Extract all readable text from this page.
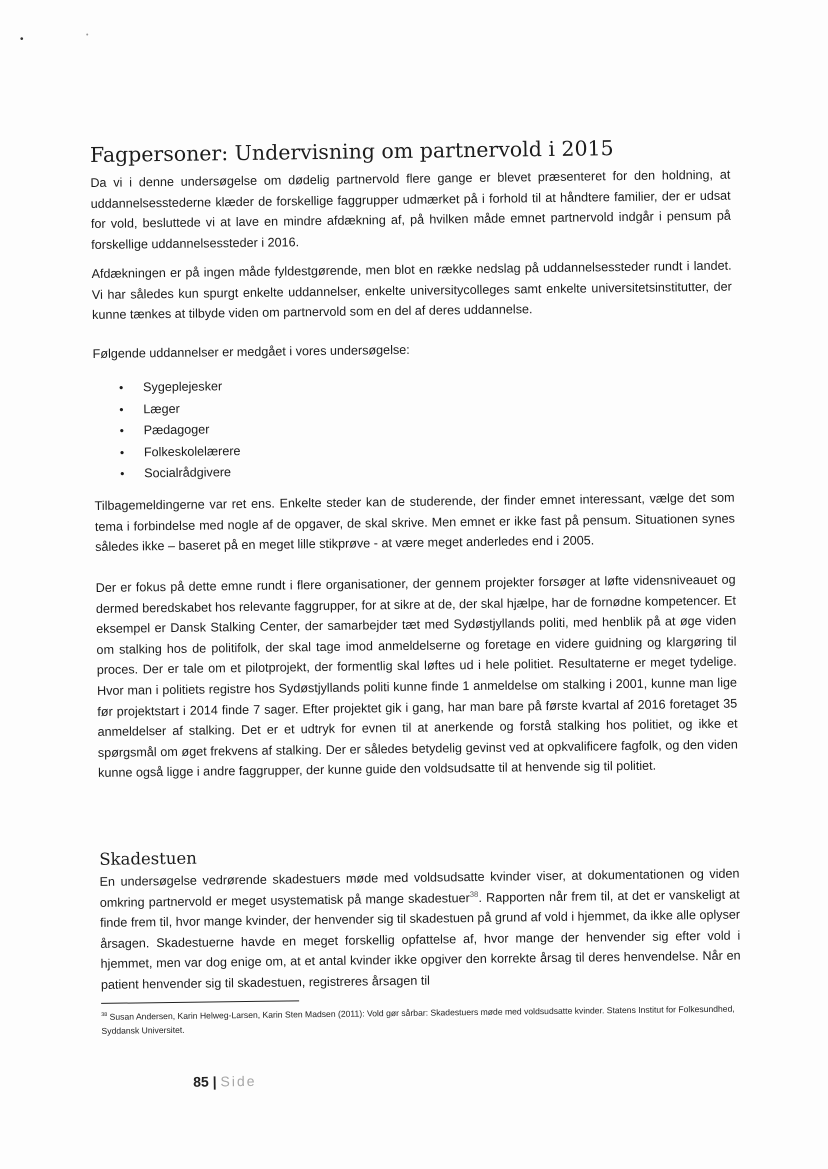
•	•
Fagpersoner: Undervisning om partnervold i 2015

Da vi i denne undersøgelse om dødelig partnervold flere gange er blevet præsenteret for den holdning, at uddannelsesstederne klæder de forskellige faggrupper udmærket på i forhold til at håndtere familier, der er udsat for vold, besluttede vi at lave en mindre afdækning af, på hvilken måde emnet partnervold indgår i pensum på forskellige uddannelsessteder i 2016.

Afdækningen er på ingen måde fyldestgørende, men blot en række nedslag på uddannelsessteder rundt i landet. Vi har således kun spurgt enkelte uddannelser, enkelte universitycolleges samt enkelte universitetsinstitutter, der kunne tænkes at tilbyde viden om partnervold som en del af deres uddannelse.

Følgende uddannelser er medgået i vores undersøgelse:

• Sygeplejesker
• Læger
• Pædagoger
• Folkeskolelærere
• Socialrådgivere

Tilbagemeldingerne var ret ens. Enkelte steder kan de studerende, der finder emnet interessant, vælge det som tema i forbindelse med nogle af de opgaver, de skal skrive. Men emnet er ikke fast på pensum. Situationen synes således ikke – baseret på en meget lille stikprøve - at være meget anderledes end i 2005.

Der er fokus på dette emne rundt i flere organisationer, der gennem projekter forsøger at løfte vidensniveauet og dermed beredskabet hos relevante faggrupper, for at sikre at de, der skal hjælpe, har de fornødne kompetencer. Et eksempel er Dansk Stalking Center, der samarbejder tæt med Sydøstjyllands politi, med henblik på at øge viden om stalking hos de politifolk, der skal tage imod anmeldelserne og foretage en videre guidning og klargøring til proces. Der er tale om et pilotprojekt, der formentlig skal løftes ud i hele politiet. Resultaterne er meget tydelige. Hvor man i politiets registre hos Sydøstjyllands politi kunne finde 1 anmeldelse om stalking i 2001, kunne man lige før projektstart i 2014 finde 7 sager. Efter projektet gik i gang, har man bare på første kvartal af 2016 foretaget 35 anmeldelser af stalking. Det er et udtryk for evnen til at anerkende og forstå stalking hos politiet, og ikke et spørgsmål om øget frekvens af stalking. Der er således betydelig gevinst ved at opkvalificere fagfolk, og den viden kunne også ligge i andre faggrupper, der kunne guide den voldsudsatte til at henvende sig til politiet.

Skadestuen

En undersøgelse vedrørende skadestuers møde med voldsudsatte kvinder viser, at dokumentationen og viden omkring partnervold er meget usystematisk på mange skadestuer$^{38}$. Rapporten når frem til, at det er vanskeligt at finde frem til, hvor mange kvinder, der henvender sig til skadestuen på grund af vold i hjemmet, da ikke alle oplyser årsagen. Skadestuerne havde en meget forskellig opfattelse af, hvor mange der henvender sig efter vold i hjemmet, men var dog enige om, at et antal kvinder ikke opgiver den korrekte årsag til deres henvendelse. Når en patient henvender sig til skadestuen, registreres årsagen til

$^{38}$ Susan Andersen, Karin Helweg-Larsen, Karin Sten Madsen (2011): Vold gør sårbar: Skadestuers møde med voldsudsatte kvinder. Statens Institut for Folkesundhed, Syddansk Universitet.

85 | Side
